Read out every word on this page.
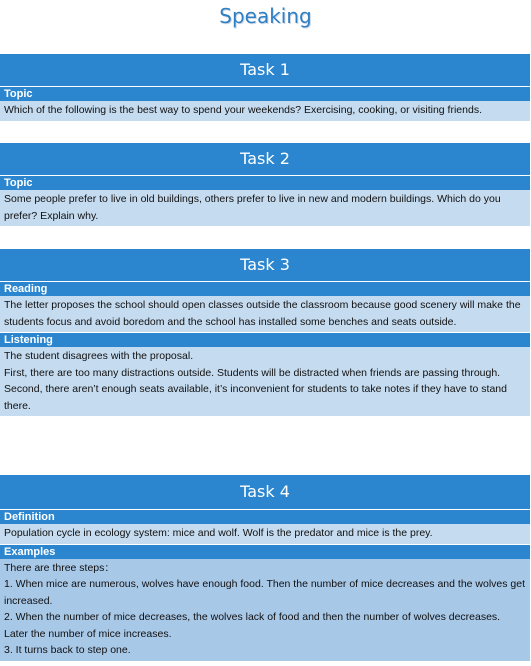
Speaking
Task 1
Topic
Which of the following is the best way to spend your weekends? Exercising, cooking, or visiting friends.
Task 2
Topic
Some people prefer to live in old buildings, others prefer to live in new and modern buildings. Which do you prefer? Explain why.
Task 3
Reading
The letter proposes the school should open classes outside the classroom because good scenery will make the students focus and avoid boredom and the school has installed some benches and seats outside.
Listening
The student disagrees with the proposal.
First, there are too many distractions outside. Students will be distracted when friends are passing through.
Second, there aren’t enough seats available, it’s inconvenient for students to take notes if they have to stand there.
Task 4
Definition
Population cycle in ecology system: mice and wolf. Wolf is the predator and mice is the prey.
Examples
There are three steps：
1. When mice are numerous, wolves have enough food. Then the number of mice decreases and the wolves get increased.
2. When the number of mice decreases, the wolves lack of food and then the number of wolves decreases. Later the number of mice increases.
3. It turns back to step one.
